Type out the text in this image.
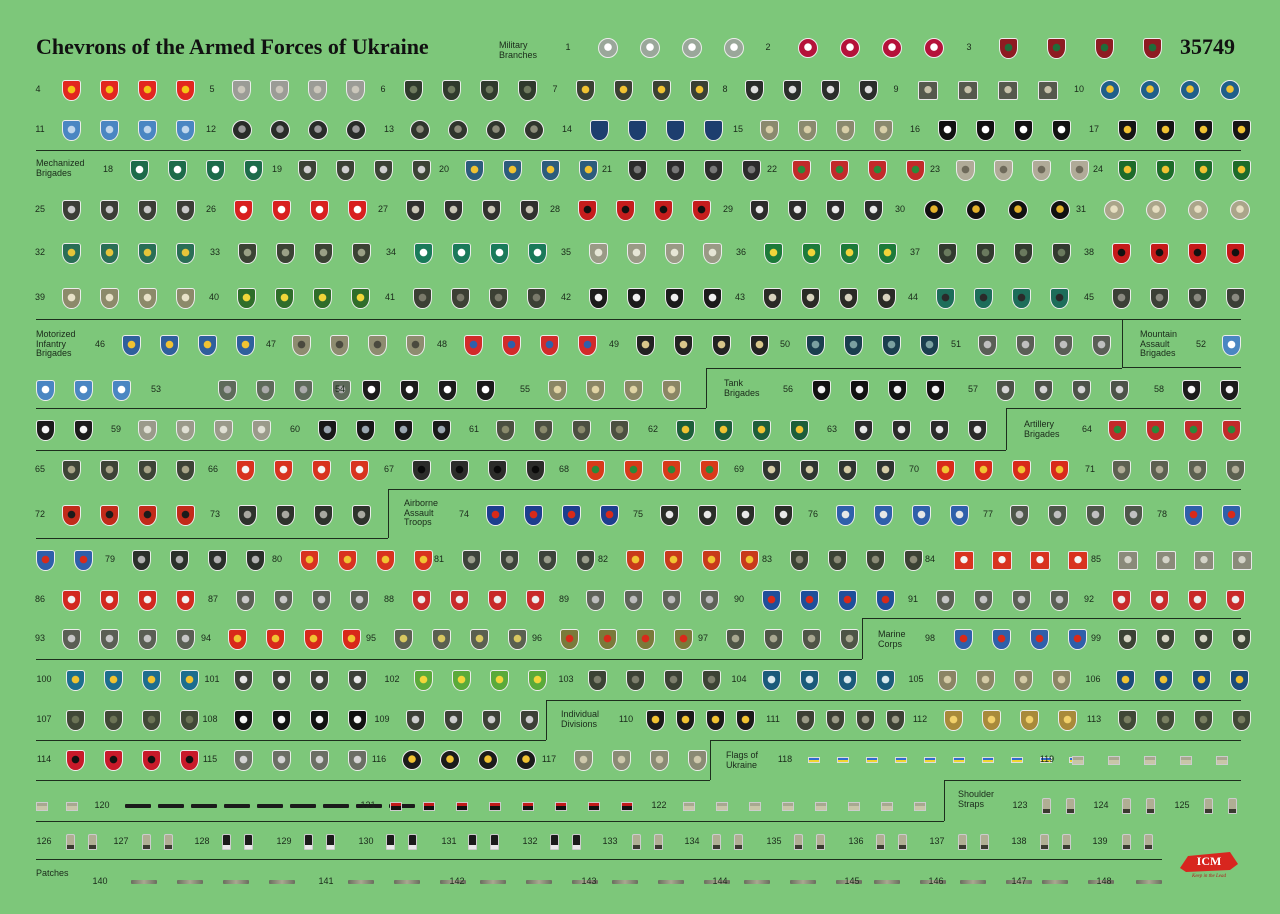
Chevrons of the Armed Forces of Ukraine	35749
Military
Branches
Mechanized
Brigades
Motorized
Infantry
Brigades
Mountain
Assault
Brigades
Tank
Brigades
Artillery
Brigades
Airborne
Assault
Troops
Marine
Corps
Individual
Divisions
Flags of
Ukraine
Shoulder
Straps
Patches
1	2	3
4	5	6	7	8	9	10
11	12	13	14	15	16	17
18	19	20	21	22	23	24
25	26	27	28	29	30	31
32	33	34	35	36	37	38
39	40	41	42	43	44	45
46	47	48	49	50	51	52
53	54	55	56	57	58
59	60	61	62	63	64
65	66	67	68	69	70	71
72	73	74	75	76	77	78
79	80	81	82	83	84	85
86	87	88	89	90	91	92
93	94	95	96	97	98	99
100	101	102	103	104	105	106
107	108	109	110	111	112	113
114	115	116	117	118	119
120	121	122	123	124	125
126	127	128	129	130	131	132	133	134	135	136	137	138	139
140	141	142	143	144	145	146	147	148
ICM
Keep in the Lead
